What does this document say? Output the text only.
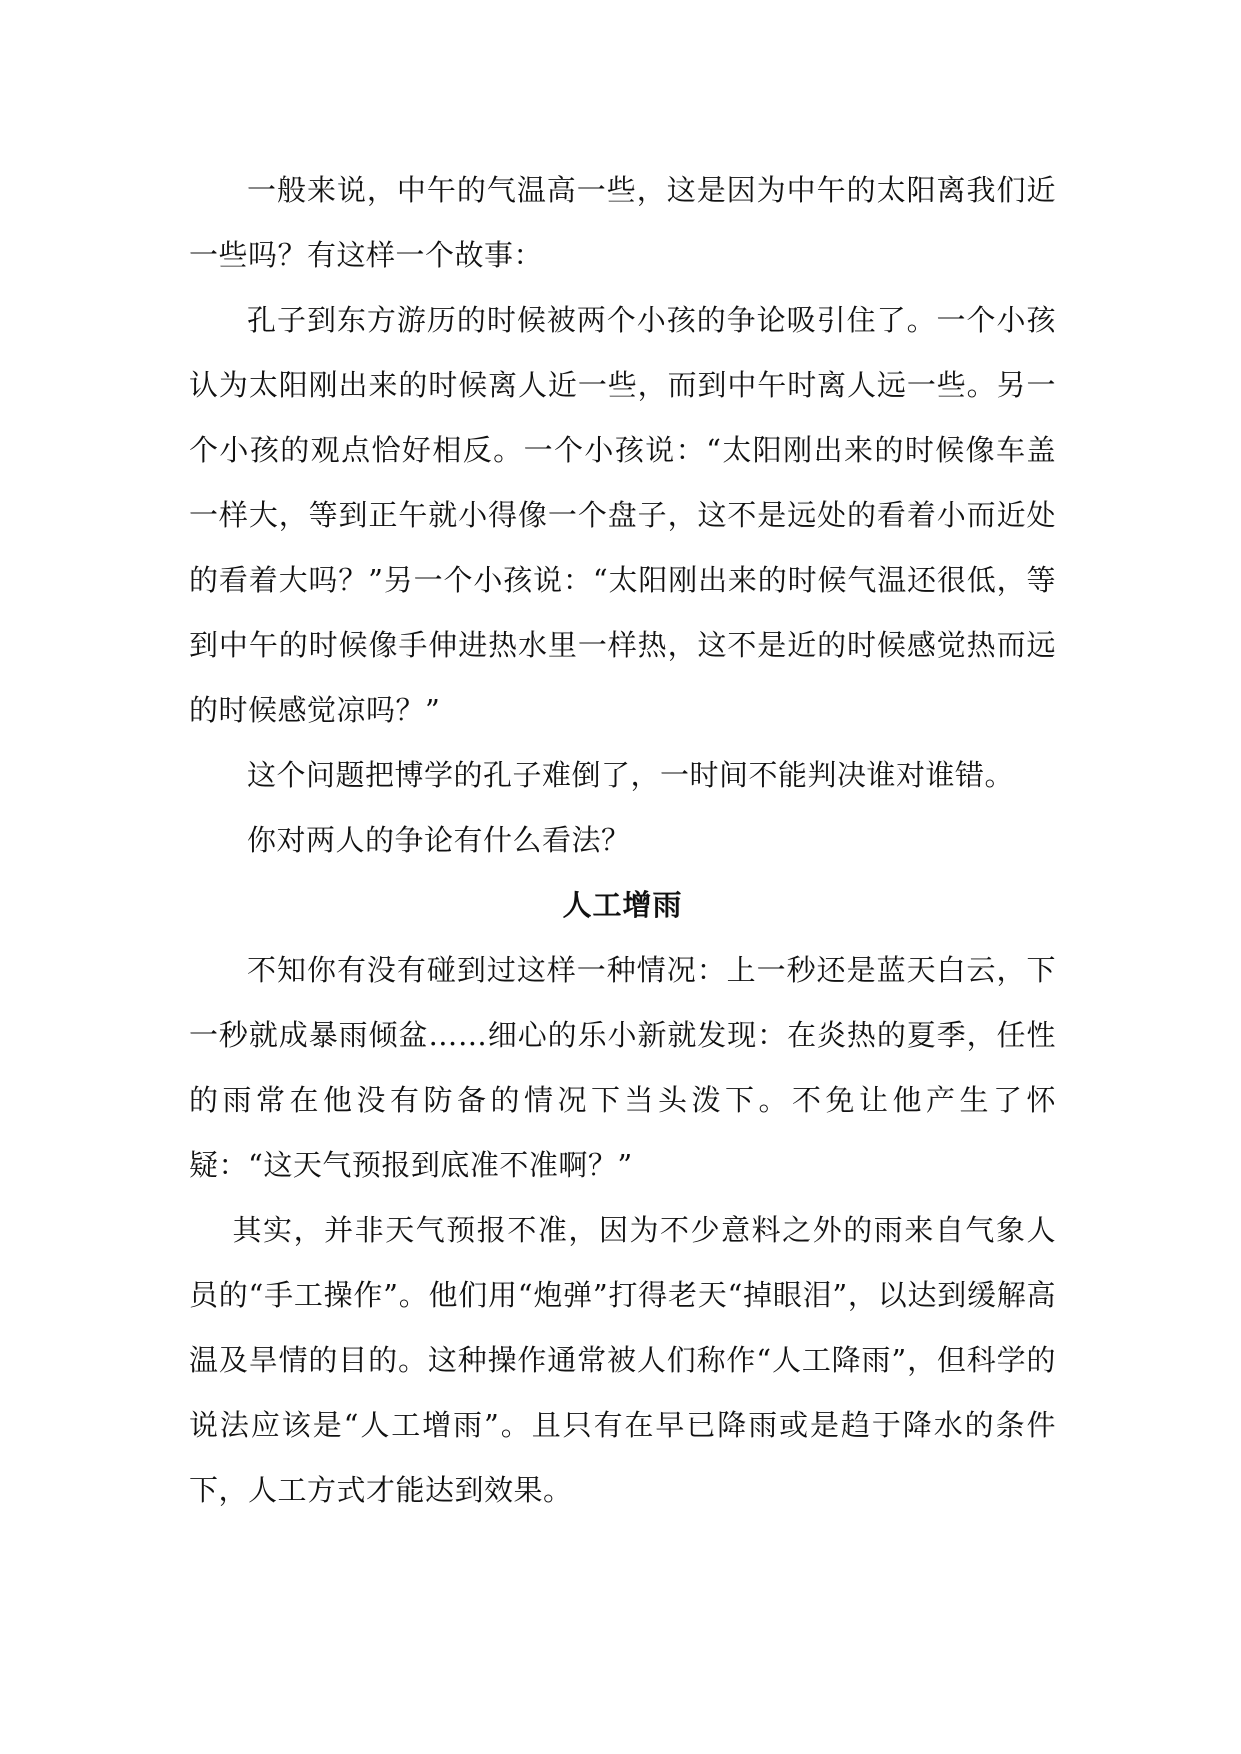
一般来说，中午的气温高一些，这是因为中午的太阳离我们近一些吗？有这样一个故事：

孔子到东方游历的时候被两个小孩的争论吸引住了。一个小孩认为太阳刚出来的时候离人近一些，而到中午时离人远一些。另一个小孩的观点恰好相反。一个小孩说：“太阳刚出来的时候像车盖一样大，等到正午就小得像一个盘子，这不是远处的看着小而近处的看着大吗？”另一个小孩说：“太阳刚出来的时候气温还很低，等到中午的时候像手伸进热水里一样热，这不是近的时候感觉热而远的时候感觉凉吗？”

这个问题把博学的孔子难倒了，一时间不能判决谁对谁错。

你对两人的争论有什么看法？

人工增雨

不知你有没有碰到过这样一种情况：上一秒还是蓝天白云，下一秒就成暴雨倾盆……细心的乐小新就发现：在炎热的夏季，任性的雨常在他没有防备的情况下当头泼下。不免让他产生了怀疑：“这天气预报到底准不准啊？”

其实，并非天气预报不准，因为不少意料之外的雨来自气象人员的“手工操作”。他们用“炮弹”打得老天“掉眼泪”，以达到缓解高温及旱情的目的。这种操作通常被人们称作“人工降雨”，但科学的说法应该是“人工增雨”。且只有在早已降雨或是趋于降水的条件下，人工方式才能达到效果。
